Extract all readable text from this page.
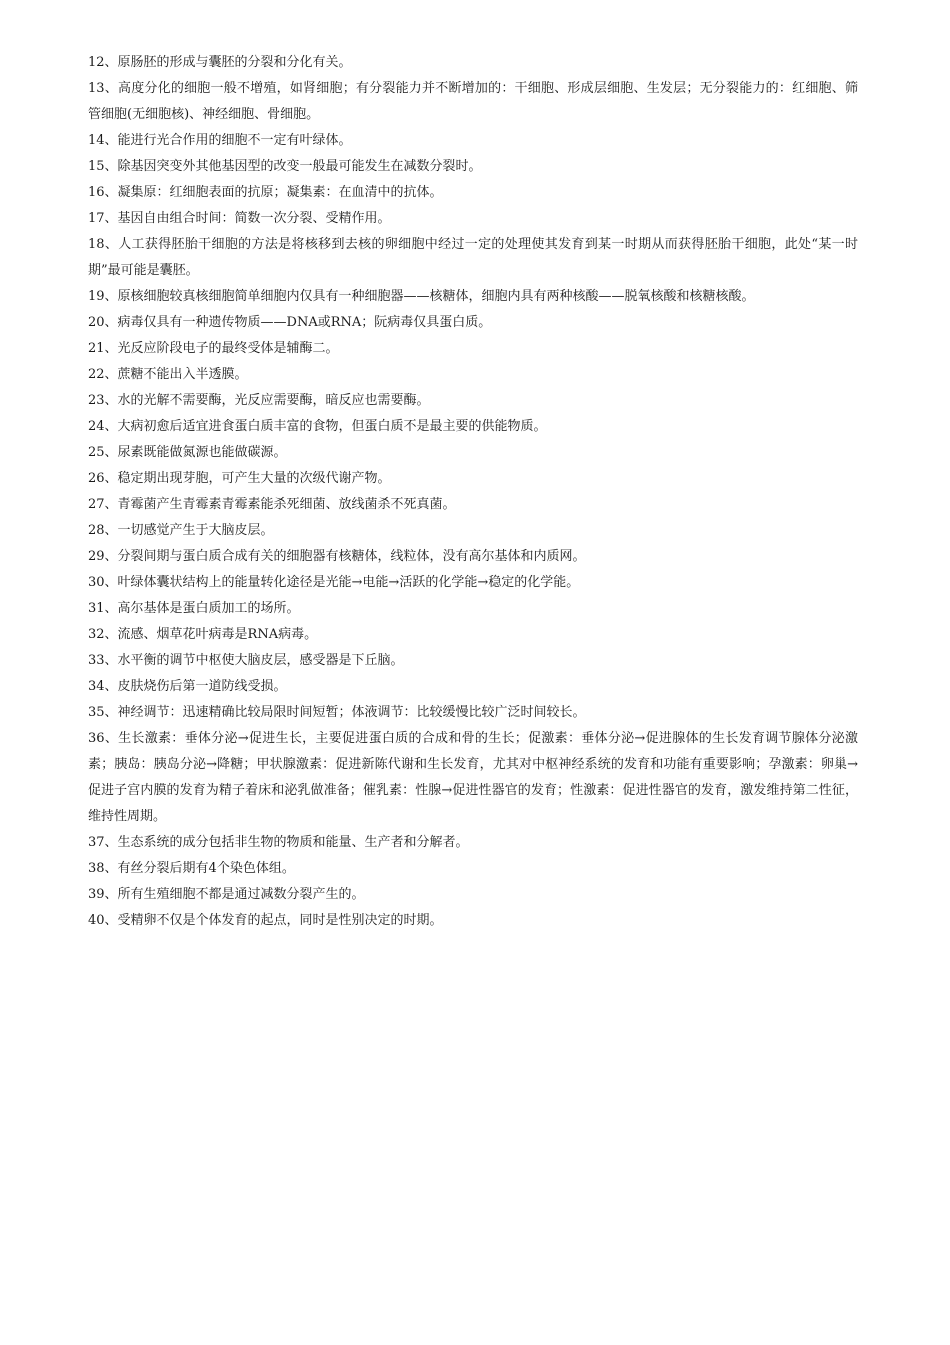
12、原肠胚的形成与囊胚的分裂和分化有关。

13、高度分化的细胞一般不增殖，如肾细胞；有分裂能力并不断增加的：干细胞、形成层细胞、生发层；无分裂能力的：红细胞、筛管细胞(无细胞核)、神经细胞、骨细胞。

14、能进行光合作用的细胞不一定有叶绿体。

15、除基因突变外其他基因型的改变一般最可能发生在减数分裂时。

16、凝集原：红细胞表面的抗原；凝集素：在血清中的抗体。

17、基因自由组合时间：简数一次分裂、受精作用。

18、人工获得胚胎干细胞的方法是将核移到去核的卵细胞中经过一定的处理使其发育到某一时期从而获得胚胎干细胞，此处“某一时期”最可能是囊胚。

19、原核细胞较真核细胞简单细胞内仅具有一种细胞器——核糖体，细胞内具有两种核酸——脱氧核酸和核糖核酸。

20、病毒仅具有一种遗传物质——DNA或RNA；阮病毒仅具蛋白质。

21、光反应阶段电子的最终受体是辅酶二。

22、蔗糖不能出入半透膜。

23、水的光解不需要酶，光反应需要酶，暗反应也需要酶。

24、大病初愈后适宜进食蛋白质丰富的食物，但蛋白质不是最主要的供能物质。

25、尿素既能做氮源也能做碳源。

26、稳定期出现芽胞，可产生大量的次级代谢产物。

27、青霉菌产生青霉素青霉素能杀死细菌、放线菌杀不死真菌。

28、一切感觉产生于大脑皮层。

29、分裂间期与蛋白质合成有关的细胞器有核糖体，线粒体，没有高尔基体和内质网。

30、叶绿体囊状结构上的能量转化途径是光能→电能→活跃的化学能→稳定的化学能。

31、高尔基体是蛋白质加工的场所。

32、流感、烟草花叶病毒是RNA病毒。

33、水平衡的调节中枢使大脑皮层，感受器是下丘脑。

34、皮肤烧伤后第一道防线受损。

35、神经调节：迅速精确比较局限时间短暂；体液调节：比较缓慢比较广泛时间较长。

36、生长激素：垂体分泌→促进生长，主要促进蛋白质的合成和骨的生长；促激素：垂体分泌→促进腺体的生长发育调节腺体分泌激素；胰岛：胰岛分泌→降糖；甲状腺激素：促进新陈代谢和生长发育，尤其对中枢神经系统的发育和功能有重要影响；孕激素：卵巢→促进子宫内膜的发育为精子着床和泌乳做准备；催乳素：性腺→促进性器官的发育；性激素：促进性器官的发育，激发维持第二性征，维持性周期。

37、生态系统的成分包括非生物的物质和能量、生产者和分解者。

38、有丝分裂后期有4个染色体组。

39、所有生殖细胞不都是通过减数分裂产生的。

40、受精卵不仅是个体发育的起点，同时是性别决定的时期。
